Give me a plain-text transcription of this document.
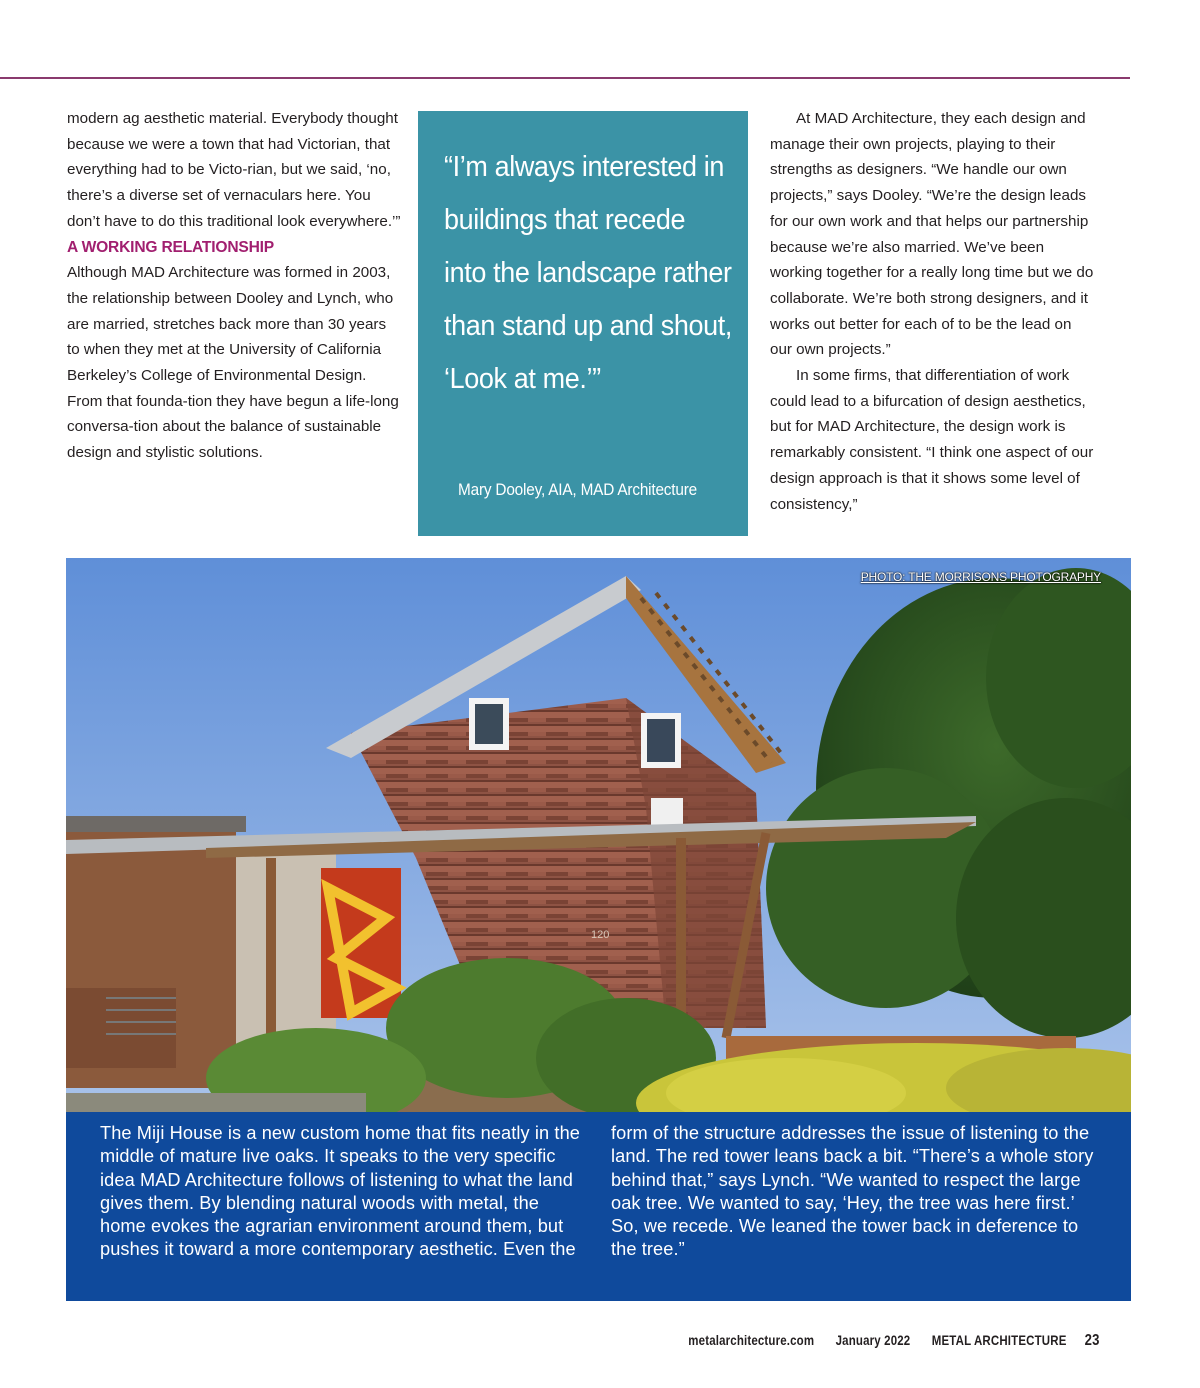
modern ag aesthetic material. Everybody thought because we were a town that had Victorian, that everything had to be Victo-rian, but we said, ‘no, there’s a diverse set of vernaculars here. You don’t have to do this traditional look everywhere.’”

A WORKING RELATIONSHIP

Although MAD Architecture was formed in 2003, the relationship between Dooley and Lynch, who are married, stretches back more than 30 years to when they met at the University of California Berkeley’s College of Environmental Design. From that founda-tion they have begun a life-long conversa-tion about the balance of sustainable design and stylistic solutions.

“I’m always interested in buildings that recede into the landscape rather than stand up and shout, ‘Look at me.’”
Mary Dooley, AIA, MAD Architecture

At MAD Architecture, they each design and manage their own projects, playing to their strengths as designers. “We handle our own projects,” says Dooley. “We’re the design leads for our own work and that helps our partnership because we’re also married. We’ve been working together for a really long time but we do collaborate. We’re both strong designers, and it works out better for each of to be the lead on our own projects.”

In some firms, that differentiation of work could lead to a bifurcation of design aesthetics, but for MAD Architecture, the design work is remarkably consistent. “I think one aspect of our design approach is that it shows some level of consistency,”

120
PHOTO: THE MORRISONS PHOTOGRAPHY
The Miji House is a new custom home that fits neatly in the middle of mature live oaks. It speaks to the very specific idea MAD Architecture follows of listening to what the land gives them. By blending natural woods with metal, the home evokes the agrarian environment around them, but pushes it toward a more contemporary aesthetic. Even the
form of the structure addresses the issue of listening to the land. The red tower leans back a bit. “There’s a whole story behind that,” says Lynch. “We wanted to respect the large oak tree. We wanted to say, ‘Hey, the tree was here first.’ So, we recede. We leaned the tower back in deference to the tree.”
metalarchitecture.com January 2022 METAL ARCHITECTURE 23
